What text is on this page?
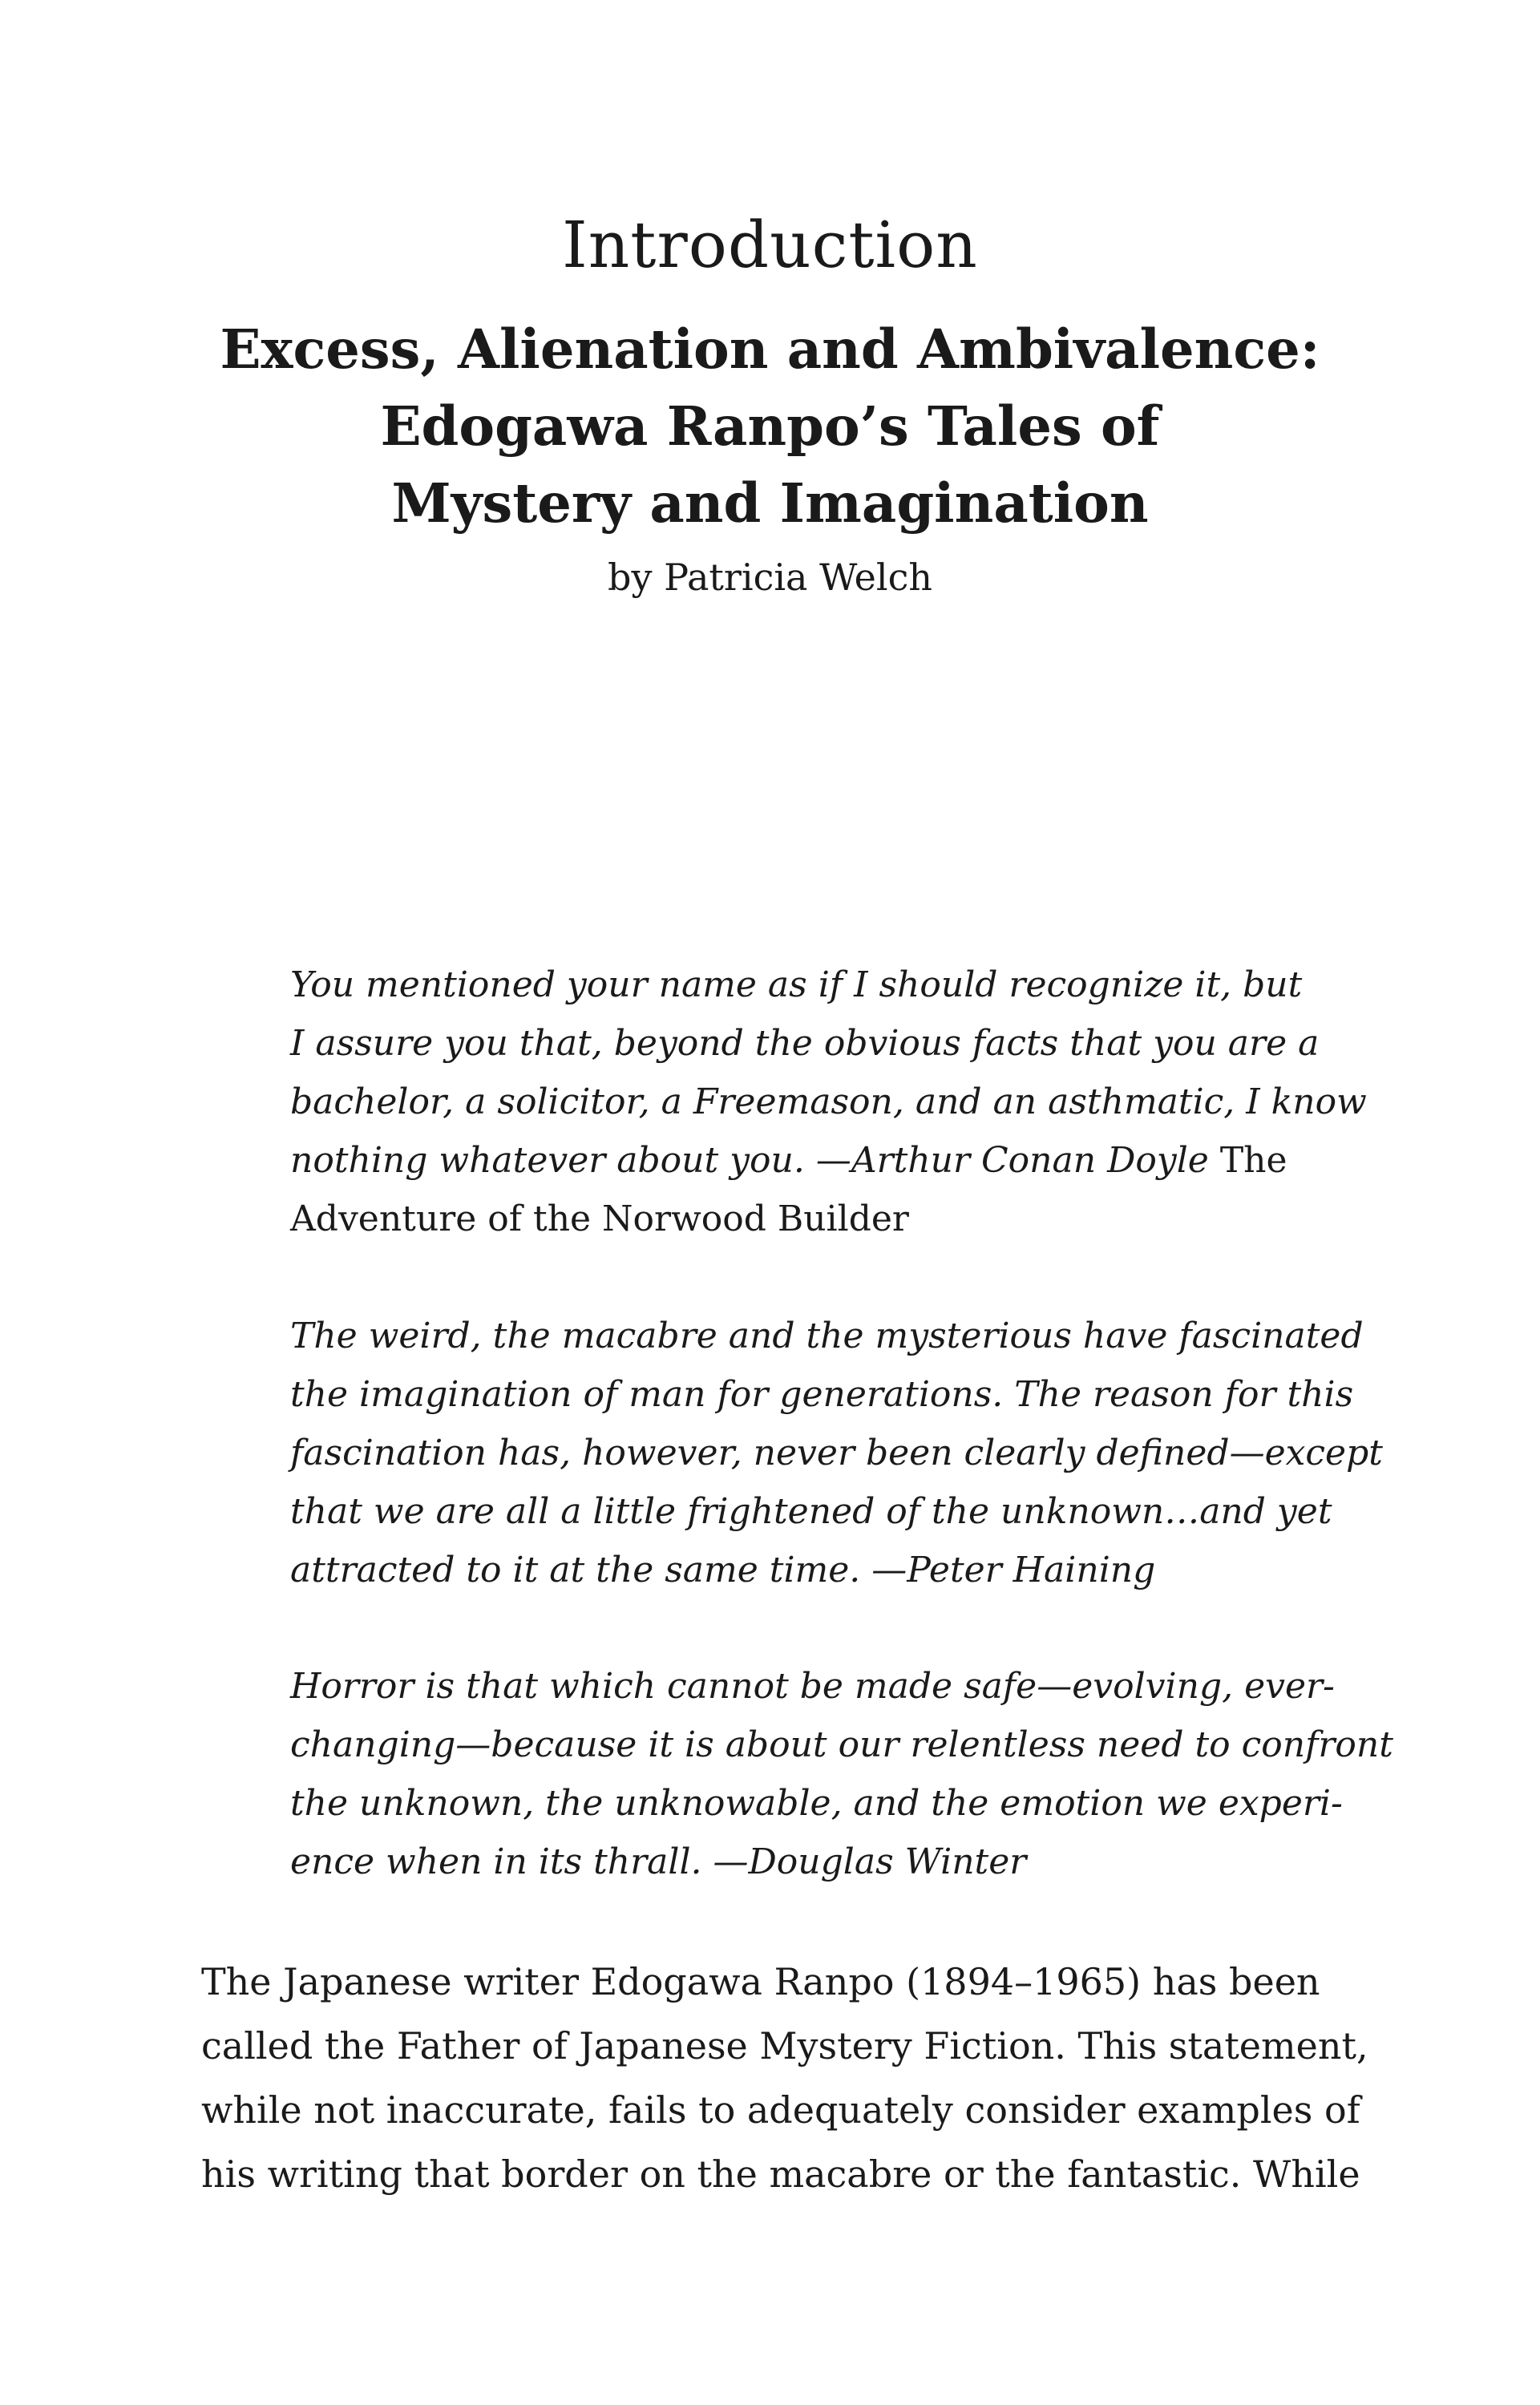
Introduction
Excess, Alienation and Ambivalence:
Edogawa Ranpo’s Tales of
Mystery and Imagination
by Patricia Welch
You mentioned your name as if I should recognize it, but
I assure you that, beyond the obvious facts that you are a
bachelor, a solicitor, a Freemason, and an asthmatic, I know
nothing whatever about you. —Arthur Conan Doyle The
Adventure of the Norwood Builder
The weird, the macabre and the mysterious have fascinated
the imagination of man for generations. The reason for this
fascination has, however, never been clearly defined—except
that we are all a little frightened of the unknown…and yet
attracted to it at the same time. —Peter Haining
Horror is that which cannot be made safe—evolving, ever-
changing—because it is about our relentless need to confront
the unknown, the unknowable, and the emotion we experi-
ence when in its thrall. —Douglas Winter
The Japanese writer Edogawa Ranpo (1894–1965) has been
called the Father of Japanese Mystery Fiction. This statement,
while not inaccurate, fails to adequately consider examples of
his writing that border on the macabre or the fantastic. While
